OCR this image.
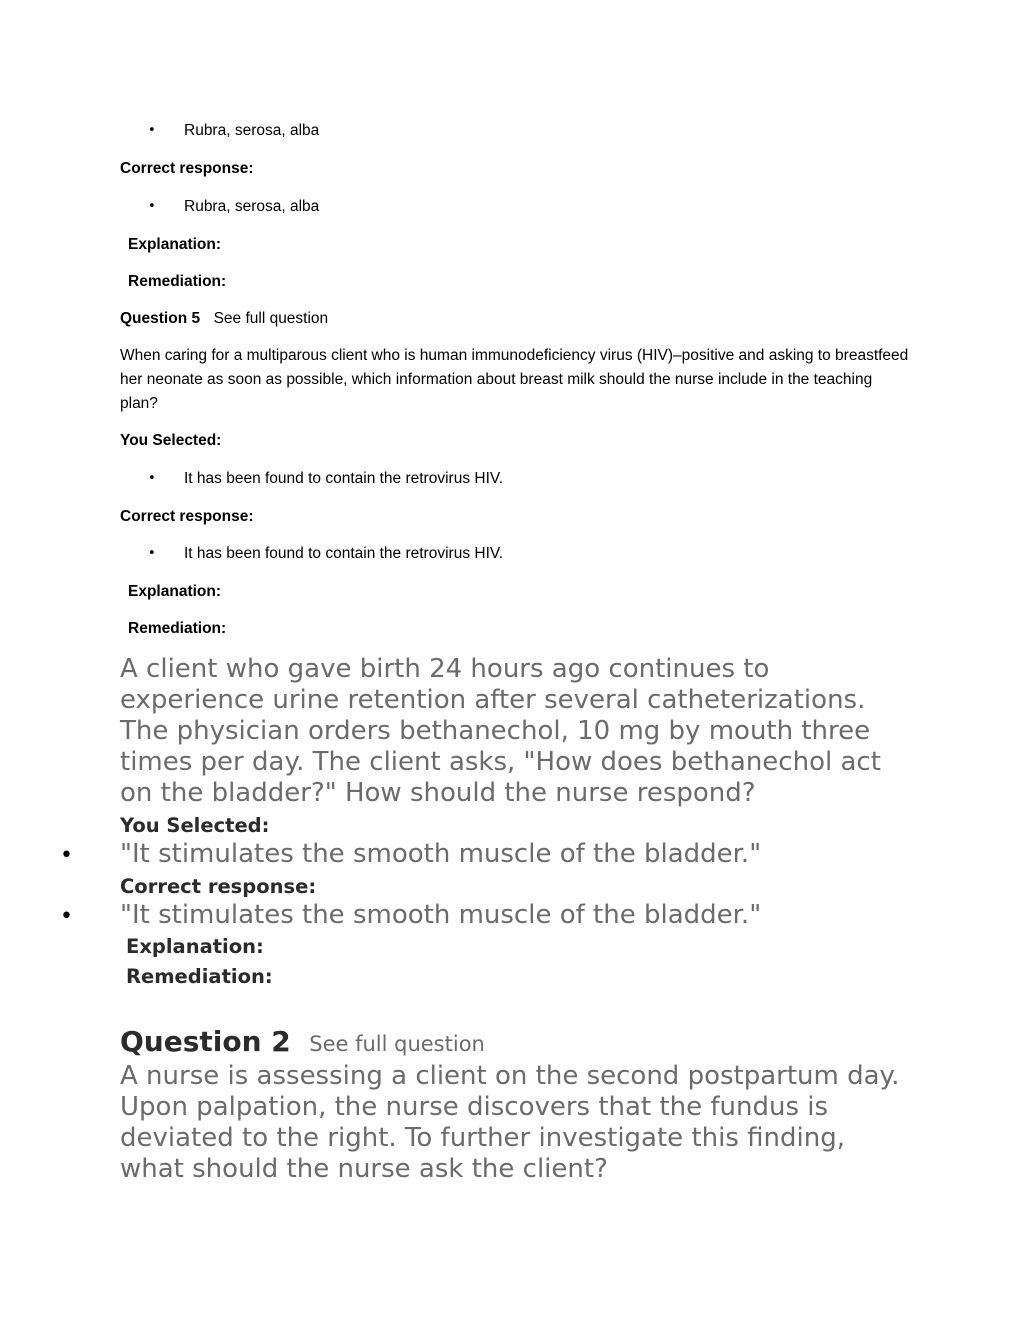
• Rubra, serosa, alba
Correct response:
• Rubra, serosa, alba
Explanation:
Remediation:
Question 5 See full question
When caring for a multiparous client who is human immunodeficiency virus (HIV)–positive and asking to breastfeed her neonate as soon as possible, which information about breast milk should the nurse include in the teaching plan?
You Selected:
• It has been found to contain the retrovirus HIV.
Correct response:
• It has been found to contain the retrovirus HIV.
Explanation:
Remediation:
A client who gave birth 24 hours ago continues to experience urine retention after several catheterizations. The physician orders bethanechol, 10 mg by mouth three times per day. The client asks, "How does bethanechol act on the bladder?" How should the nurse respond?
You Selected:
• "It stimulates the smooth muscle of the bladder."
Correct response:
• "It stimulates the smooth muscle of the bladder."
Explanation:
Remediation:
Question 2 See full question
A nurse is assessing a client on the second postpartum day. Upon palpation, the nurse discovers that the fundus is deviated to the right. To further investigate this finding, what should the nurse ask the client?
